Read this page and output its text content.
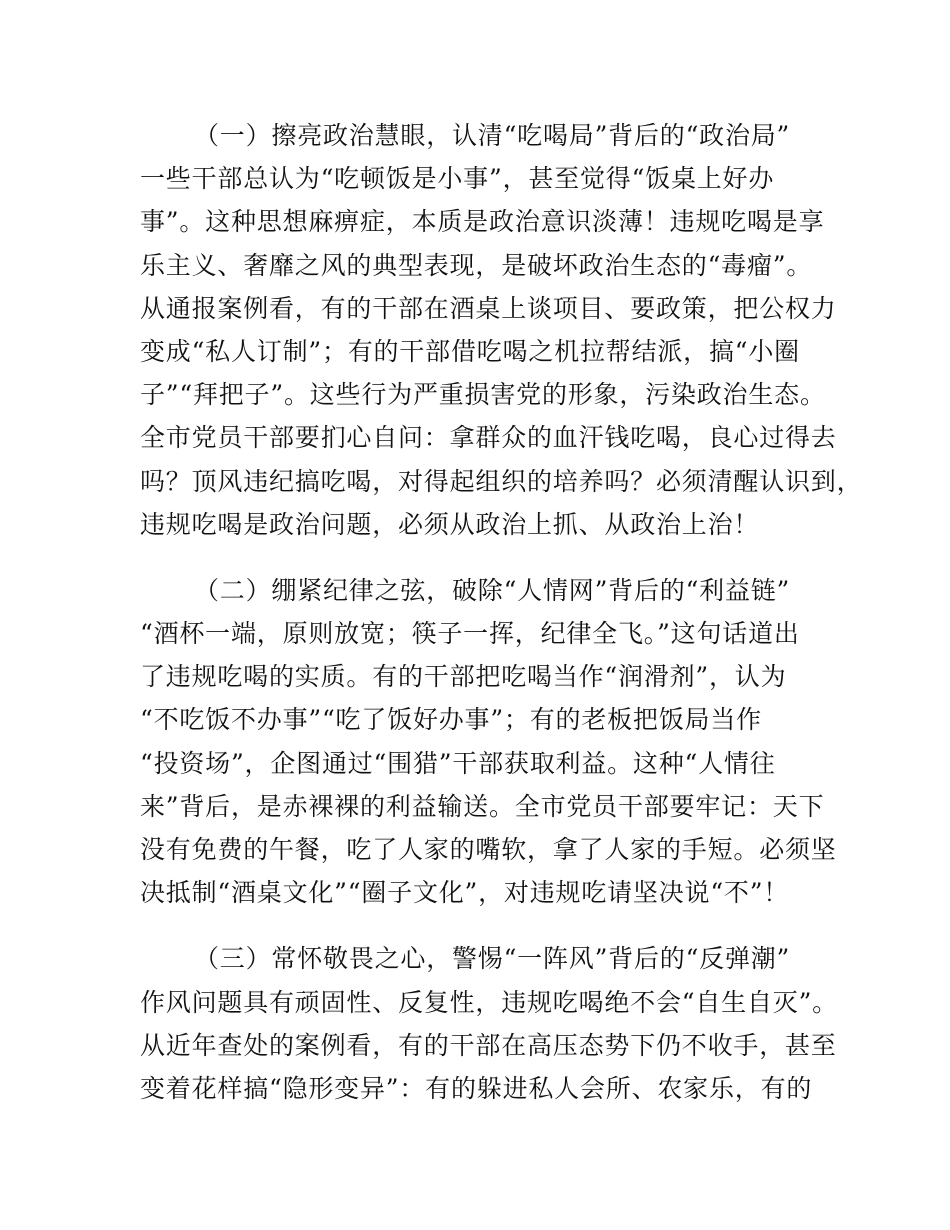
（一）擦亮政治慧眼，认清“吃喝局”背后的“政治局”
一些干部总认为“吃顿饭是小事”，甚至觉得“饭桌上好办
事”。这种思想麻痹症，本质是政治意识淡薄！违规吃喝是享
乐主义、奢靡之风的典型表现，是破坏政治生态的“毒瘤”。
从通报案例看，有的干部在酒桌上谈项目、要政策，把公权力
变成“私人订制”；有的干部借吃喝之机拉帮结派，搞“小圈
子”“拜把子”。这些行为严重损害党的形象，污染政治生态。
全市党员干部要扪心自问：拿群众的血汗钱吃喝，良心过得去
吗？顶风违纪搞吃喝，对得起组织的培养吗？必须清醒认识到，
违规吃喝是政治问题，必须从政治上抓、从政治上治！
（二）绷紧纪律之弦，破除“人情网”背后的“利益链”
“酒杯一端，原则放宽；筷子一挥，纪律全飞。”这句话道出
了违规吃喝的实质。有的干部把吃喝当作“润滑剂”，认为
“不吃饭不办事”“吃了饭好办事”；有的老板把饭局当作
“投资场”，企图通过“围猎”干部获取利益。这种“人情往
来”背后，是赤裸裸的利益输送。全市党员干部要牢记：天下
没有免费的午餐，吃了人家的嘴软，拿了人家的手短。必须坚
决抵制“酒桌文化”“圈子文化”，对违规吃请坚决说“不”！
（三）常怀敬畏之心，警惕“一阵风”背后的“反弹潮”
作风问题具有顽固性、反复性，违规吃喝绝不会“自生自灭”。
从近年查处的案例看，有的干部在高压态势下仍不收手，甚至
变着花样搞“隐形变异”：有的躲进私人会所、农家乐，有的
